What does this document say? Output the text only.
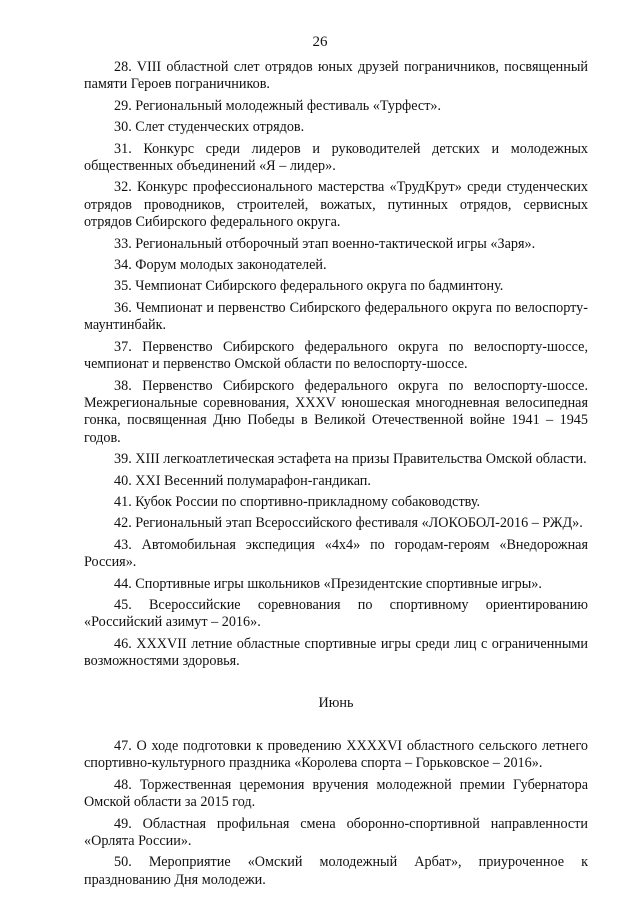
26
28. VIII областной слет отрядов юных друзей пограничников, посвященный памяти Героев пограничников.
29. Региональный молодежный фестиваль «Турфест».
30. Слет студенческих отрядов.
31. Конкурс среди лидеров и руководителей детских и молодежных общественных объединений «Я – лидер».
32. Конкурс профессионального мастерства «ТрудКрут» среди студенческих отрядов проводников, строителей, вожатых, путинных отрядов, сервисных отрядов Сибирского федерального округа.
33. Региональный отборочный этап военно-тактической игры «Заря».
34. Форум молодых законодателей.
35. Чемпионат Сибирского федерального округа по бадминтону.
36. Чемпионат и первенство Сибирского федерального округа по велоспорту-маунтинбайк.
37. Первенство Сибирского федерального округа по велоспорту-шоссе, чемпионат и первенство Омской области по велоспорту-шоссе.
38. Первенство Сибирского федерального округа по велоспорту-шоссе. Межрегиональные соревнования, XXXV юношеская многодневная велосипедная гонка, посвященная Дню Победы в Великой Отечественной войне 1941 – 1945 годов.
39. XIII легкоатлетическая эстафета на призы Правительства Омской области.
40. XXI Весенний полумарафон-гандикап.
41. Кубок России по спортивно-прикладному собаководству.
42. Региональный этап Всероссийского фестиваля «ЛОКОБОЛ-2016 – РЖД».
43. Автомобильная экспедиция «4х4» по городам-героям «Внедорожная Россия».
44. Спортивные игры школьников «Президентские спортивные игры».
45. Всероссийские соревнования по спортивному ориентированию «Российский азимут – 2016».
46. XXXVII летние областные спортивные игры среди лиц с ограниченными возможностями здоровья.
Июнь
47. О ходе подготовки к проведению XXXXVI областного сельского летнего спортивно-культурного праздника «Королева спорта – Горьковское – 2016».
48. Торжественная церемония вручения молодежной премии Губернатора Омской области за 2015 год.
49. Областная профильная смена оборонно-спортивной направленности «Орлята России».
50. Мероприятие «Омский молодежный Арбат», приуроченное к празднованию Дня молодежи.
